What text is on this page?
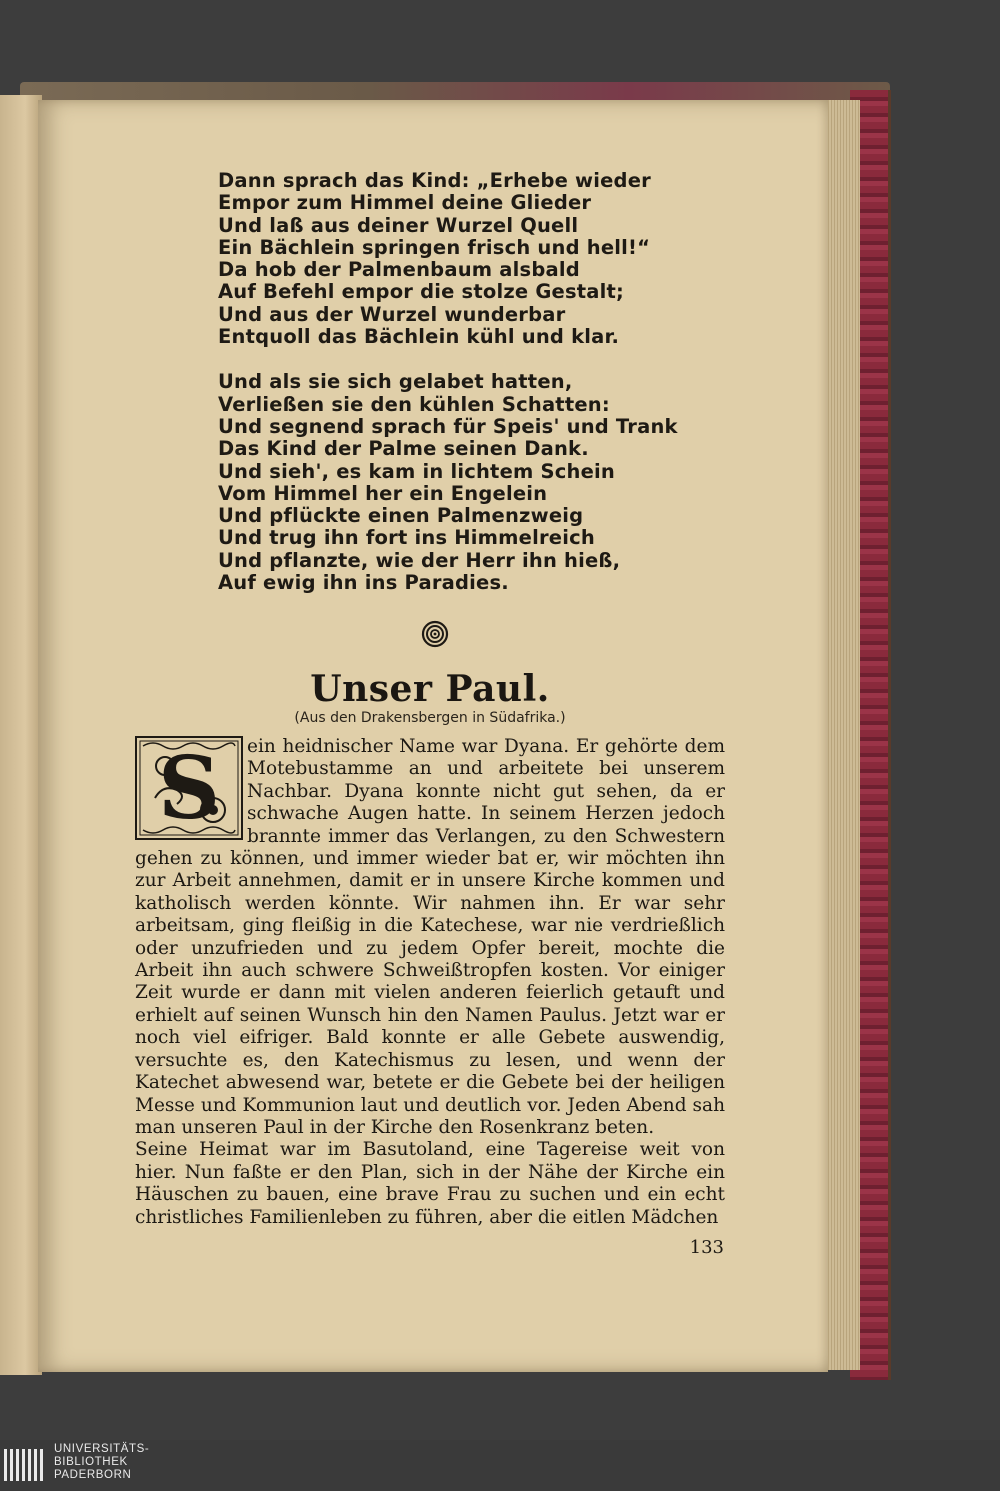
Dann sprach das Kind: „Erhebe wieder
Empor zum Himmel deine Glieder
Und laß aus deiner Wurzel Quell
Ein Bächlein springen frisch und hell!“
Da hob der Palmenbaum alsbald
Auf Befehl empor die stolze Gestalt;
Und aus der Wurzel wunderbar
Entquoll das Bächlein kühl und klar.
Und als sie sich gelabet hatten,
Verließen sie den kühlen Schatten:
Und segnend sprach für Speis' und Trank
Das Kind der Palme seinen Dank.
Und sieh', es kam in lichtem Schein
Vom Himmel her ein Engelein
Und pflückte einen Palmenzweig
Und trug ihn fort ins Himmelreich
Und pflanzte, wie der Herr ihn hieß,
Auf ewig ihn ins Paradies.
Unser Paul.
(Aus den Drakensbergen in Südafrika.)
S	ein heidnischer Name war Dyana. Er gehörte dem Motebustamme an und arbeitete bei unserem Nachbar. Dyana konnte nicht gut sehen, da er schwache Augen hatte. In seinem Herzen jedoch brannte immer das Verlangen, zu den Schwestern gehen zu können, und immer wieder bat er, wir möchten ihn zur Arbeit annehmen, damit er in unsere Kirche kommen und katholisch werden könnte. Wir nahmen ihn. Er war sehr arbeitsam, ging fleißig in die Katechese, war nie verdrießlich oder unzufrieden und zu jedem Opfer bereit, mochte die Arbeit ihn auch schwere Schweißtropfen kosten. Vor einiger Zeit wurde er dann mit vielen anderen feierlich getauft und erhielt auf seinen Wunsch hin den Namen Paulus. Jetzt war er noch viel eifriger. Bald konnte er alle Gebete auswendig, versuchte es, den Katechismus zu lesen, und wenn der Katechet abwesend war, betete er die Gebete bei der heiligen Messe und Kommunion laut und deutlich vor. Jeden Abend sah man unseren Paul in der Kirche den Rosenkranz beten.

Seine Heimat war im Basutoland, eine Tagereise weit von hier. Nun faßte er den Plan, sich in der Nähe der Kirche ein Häuschen zu bauen, eine brave Frau zu suchen und ein echt christliches Familienleben zu führen, aber die eitlen Mädchen

133
UNIVERSITÄTS-
BIBLIOTHEK
PADERBORN
